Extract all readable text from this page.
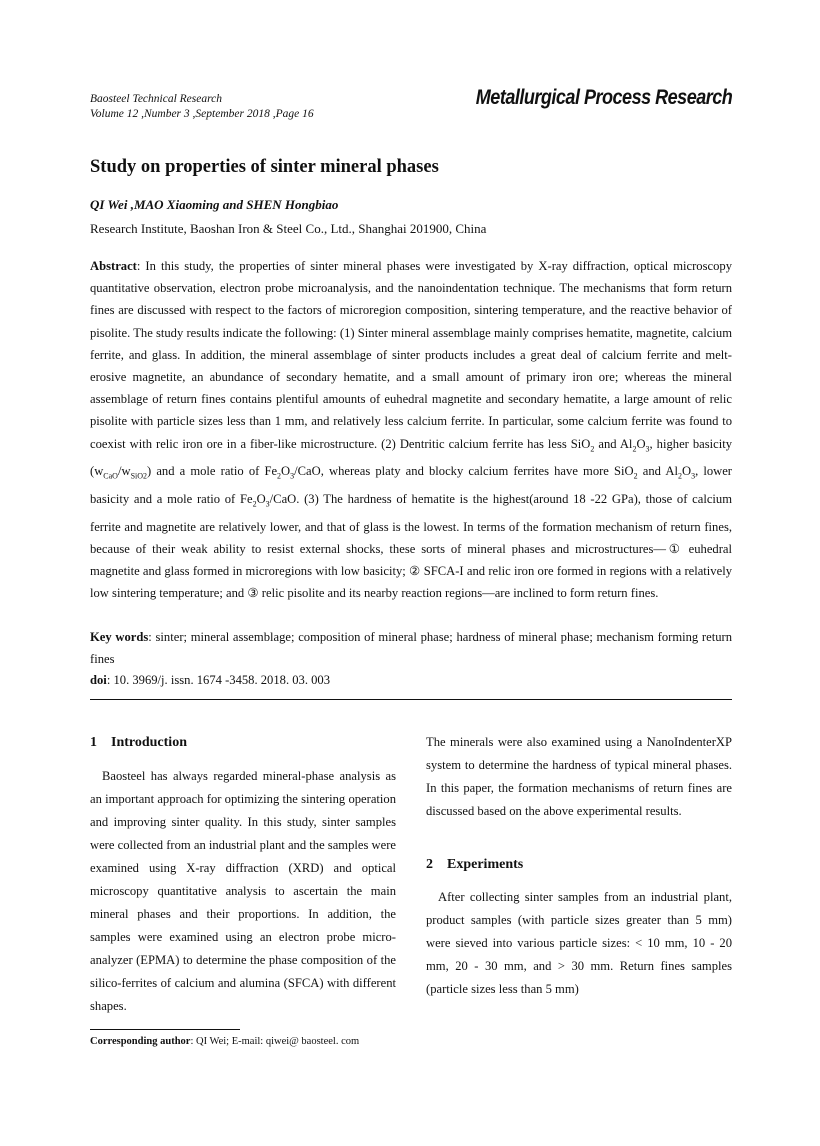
Baosteel Technical Research
Volume 12 ,Number 3 ,September 2018 ,Page 16
Metallurgical Process Research
Study on properties of sinter mineral phases
QI Wei ,MAO Xiaoming and SHEN Hongbiao
Research Institute, Baoshan Iron & Steel Co., Ltd., Shanghai 201900, China
Abstract: In this study, the properties of sinter mineral phases were investigated by X-ray diffraction, optical microscopy quantitative observation, electron probe microanalysis, and the nanoindentation technique. The mechanisms that form return fines are discussed with respect to the factors of microregion composition, sintering temperature, and the reactive behavior of pisolite. The study results indicate the following: (1) Sinter mineral assemblage mainly comprises hematite, magnetite, calcium ferrite, and glass. In addition, the mineral assemblage of sinter products includes a great deal of calcium ferrite and melt-erosive magnetite, an abundance of secondary hematite, and a small amount of primary iron ore; whereas the mineral assemblage of return fines contains plentiful amounts of euhedral magnetite and secondary hematite, a large amount of relic pisolite with particle sizes less than 1 mm, and relatively less calcium ferrite. In particular, some calcium ferrite was found to coexist with relic iron ore in a fiber-like microstructure. (2) Dentritic calcium ferrite has less SiO$_2$ and $Al_2O_3$, higher basicity $(w_{CaO}/w_{SiO2})$ and a mole ratio of $Fe_2O_3$/CaO, whereas platy and blocky calcium ferrites have more SiO$_2$ and $Al_2O_3$, lower basicity and a mole ratio of $Fe_2O_3$/CaO. (3) The hardness of hematite is the highest(around 18 -22 GPa), those of calcium ferrite and magnetite are relatively lower, and that of glass is the lowest. In terms of the formation mechanism of return fines, because of their weak ability to resist external shocks, these sorts of mineral phases and microstructures—① euhedral magnetite and glass formed in microregions with low basicity; ② SFCA-I and relic iron ore formed in regions with a relatively low sintering temperature; and ③ relic pisolite and its nearby reaction regions—are inclined to form return fines.
Key words: sinter; mineral assemblage; composition of mineral phase; hardness of mineral phase; mechanism forming return fines
doi: 10. 3969/j. issn. 1674 -3458. 2018. 03. 003
1 Introduction
Baosteel has always regarded mineral-phase analysis as an important approach for optimizing the sintering operation and improving sinter quality. In this study, sinter samples were collected from an industrial plant and the samples were examined using X-ray diffraction (XRD) and optical microscopy quantitative analysis to ascertain the main mineral phases and their proportions. In addition, the samples were examined using an electron probe micro-analyzer (EPMA) to determine the phase composition of the silico-ferrites of calcium and alumina (SFCA) with different shapes.
The minerals were also examined using a NanoIndenterXP system to determine the hardness of typical mineral phases. In this paper, the formation mechanisms of return fines are discussed based on the above experimental results.
2 Experiments
After collecting sinter samples from an industrial plant, product samples (with particle sizes greater than 5 mm) were sieved into various particle sizes: < 10 mm, 10 - 20 mm, 20 - 30 mm, and > 30 mm. Return fines samples (particle sizes less than 5 mm)
Corresponding author: QI Wei; E-mail: qiwei@ baosteel. com
